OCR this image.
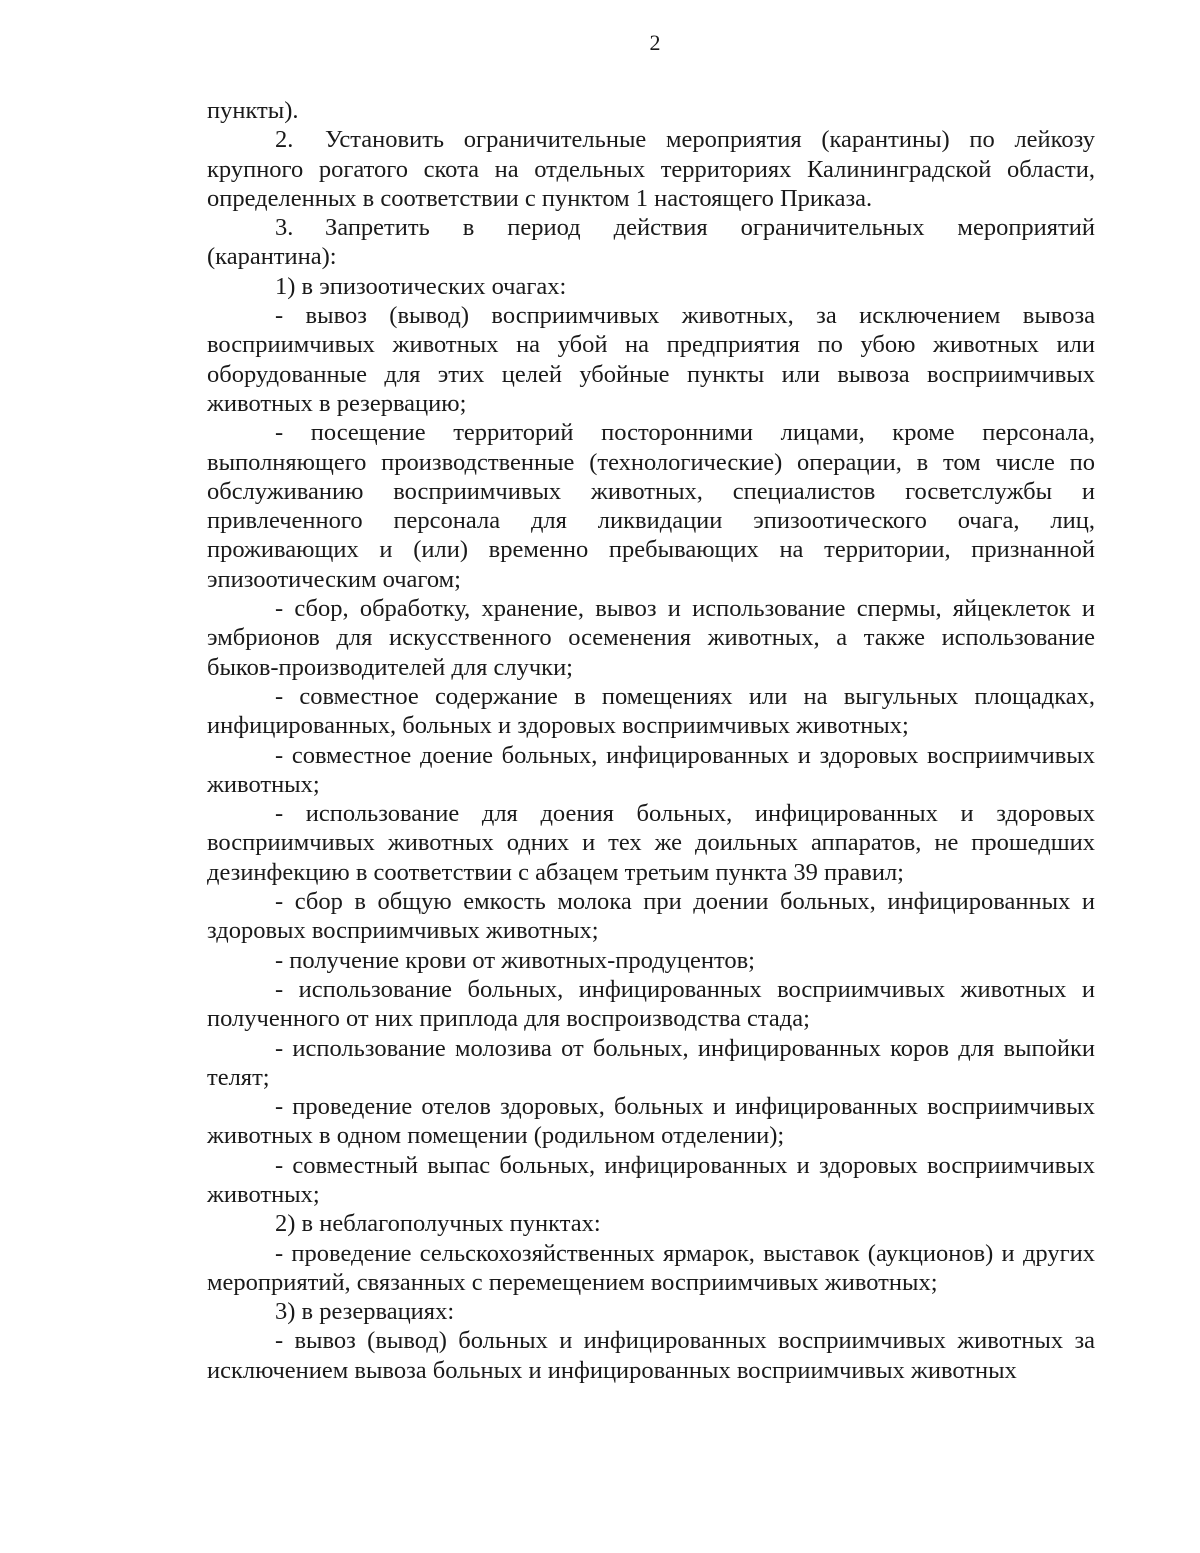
2

пункты).

2. Установить ограничительные мероприятия (карантины) по лейкозу крупного рогатого скота на отдельных территориях Калининградской области, определенных в соответствии с пунктом 1 настоящего Приказа.

3. Запретить в период действия ограничительных мероприятий (карантина):

1) в эпизоотических очагах:

- вывоз (вывод) восприимчивых животных, за исключением вывоза восприимчивых животных на убой на предприятия по убою животных или оборудованные для этих целей убойные пункты или вывоза восприимчивых животных в резервацию;

- посещение территорий посторонними лицами, кроме персонала, выполняющего производственные (технологические) операции, в том числе по обслуживанию восприимчивых животных, специалистов госветслужбы и привлеченного персонала для ликвидации эпизоотического очага, лиц, проживающих и (или) временно пребывающих на территории, признанной эпизоотическим очагом;

- сбор, обработку, хранение, вывоз и использование спермы, яйцеклеток и эмбрионов для искусственного осеменения животных, а также использование быков-производителей для случки;

- совместное содержание в помещениях или на выгульных площадках, инфицированных, больных и здоровых восприимчивых животных;

- совместное доение больных, инфицированных и здоровых восприимчивых животных;

- использование для доения больных, инфицированных и здоровых восприимчивых животных одних и тех же доильных аппаратов, не прошедших дезинфекцию в соответствии с абзацем третьим пункта 39 правил;

- сбор в общую емкость молока при доении больных, инфицированных и здоровых восприимчивых животных;

- получение крови от животных-продуцентов;

- использование больных, инфицированных восприимчивых животных и полученного от них приплода для воспроизводства стада;

- использование молозива от больных, инфицированных коров для выпойки телят;

- проведение отелов здоровых, больных и инфицированных восприимчивых животных в одном помещении (родильном отделении);

- совместный выпас больных, инфицированных и здоровых восприимчивых животных;

2) в неблагополучных пунктах:

- проведение сельскохозяйственных ярмарок, выставок (аукционов) и других мероприятий, связанных с перемещением восприимчивых животных;

3) в резервациях:

- вывоз (вывод) больных и инфицированных восприимчивых животных за исключением вывоза больных и инфицированных восприимчивых животных
